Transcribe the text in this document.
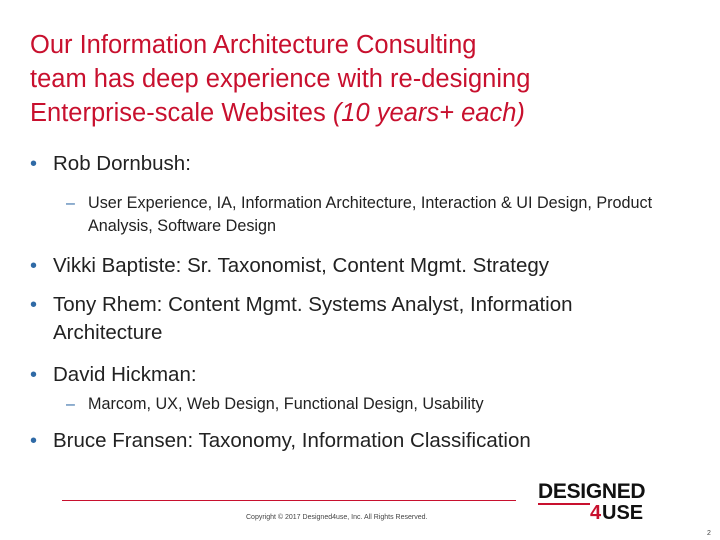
Our Information Architecture Consulting
team has deep experience with re-designing
Enterprise-scale Websites (10 years+ each)
• Rob Dornbush:
– User Experience, IA, Information Architecture, Interaction & UI Design, Product Analysis, Software Design
• Vikki Baptiste: Sr. Taxonomist, Content Mgmt. Strategy
• Tony Rhem: Content Mgmt. Systems Analyst, Information Architecture
• David Hickman:
– Marcom, UX, Web Design, Functional Design, Usability
• Bruce Fransen: Taxonomy, Information Classification
Copyright © 2017 Designed4use, Inc. All Rights Reserved.
DESIGNED
4 USE
2
